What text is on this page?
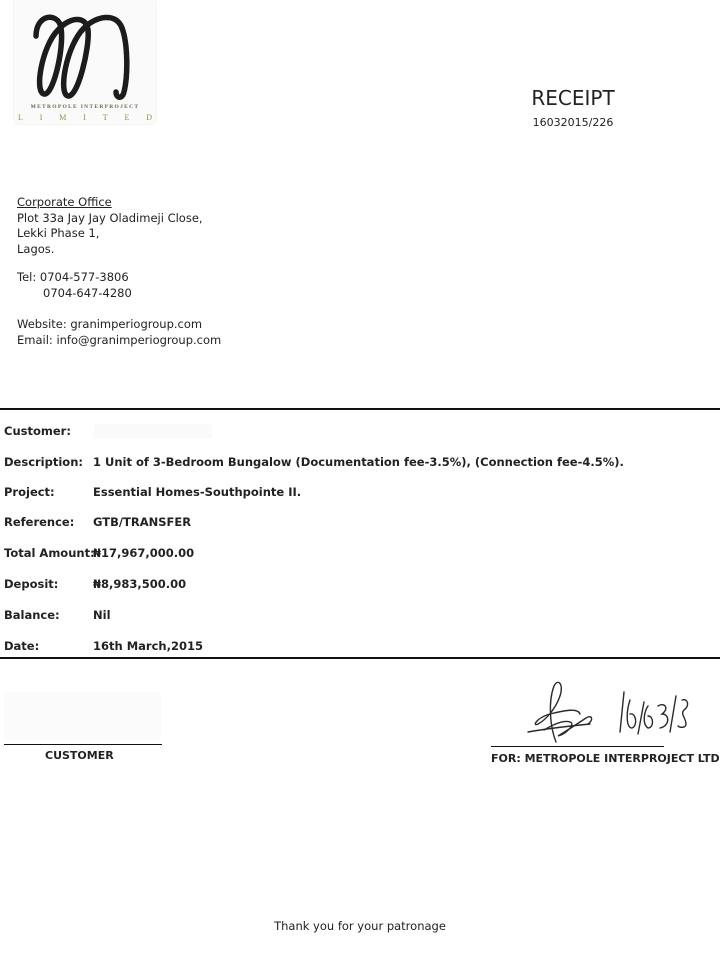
METROPOLE INTERPROJECT
L I M I T E D
RECEIPT
16032015/226
Corporate Office
Plot 33a Jay Jay Oladimeji Close,
Lekki Phase 1,
Lagos.
Tel: 0704-577-3806
0704-647-4280
Website: granimperiogroup.com
Email: info@granimperiogroup.com
Customer:
Description: 1 Unit of 3-Bedroom Bungalow (Documentation fee-3.5%), (Connection fee-4.5%).
Project:	Essential Homes-Southpointe II.
Reference:	GTB/TRANSFER
Total Amount:
₦17,967,000.00
Deposit:	₦8,983,500.00
Balance:	Nil
Date:	16th March,2015
CUSTOMER	FOR: METROPOLE INTERPROJECT LTD
Thank you for your patronage
